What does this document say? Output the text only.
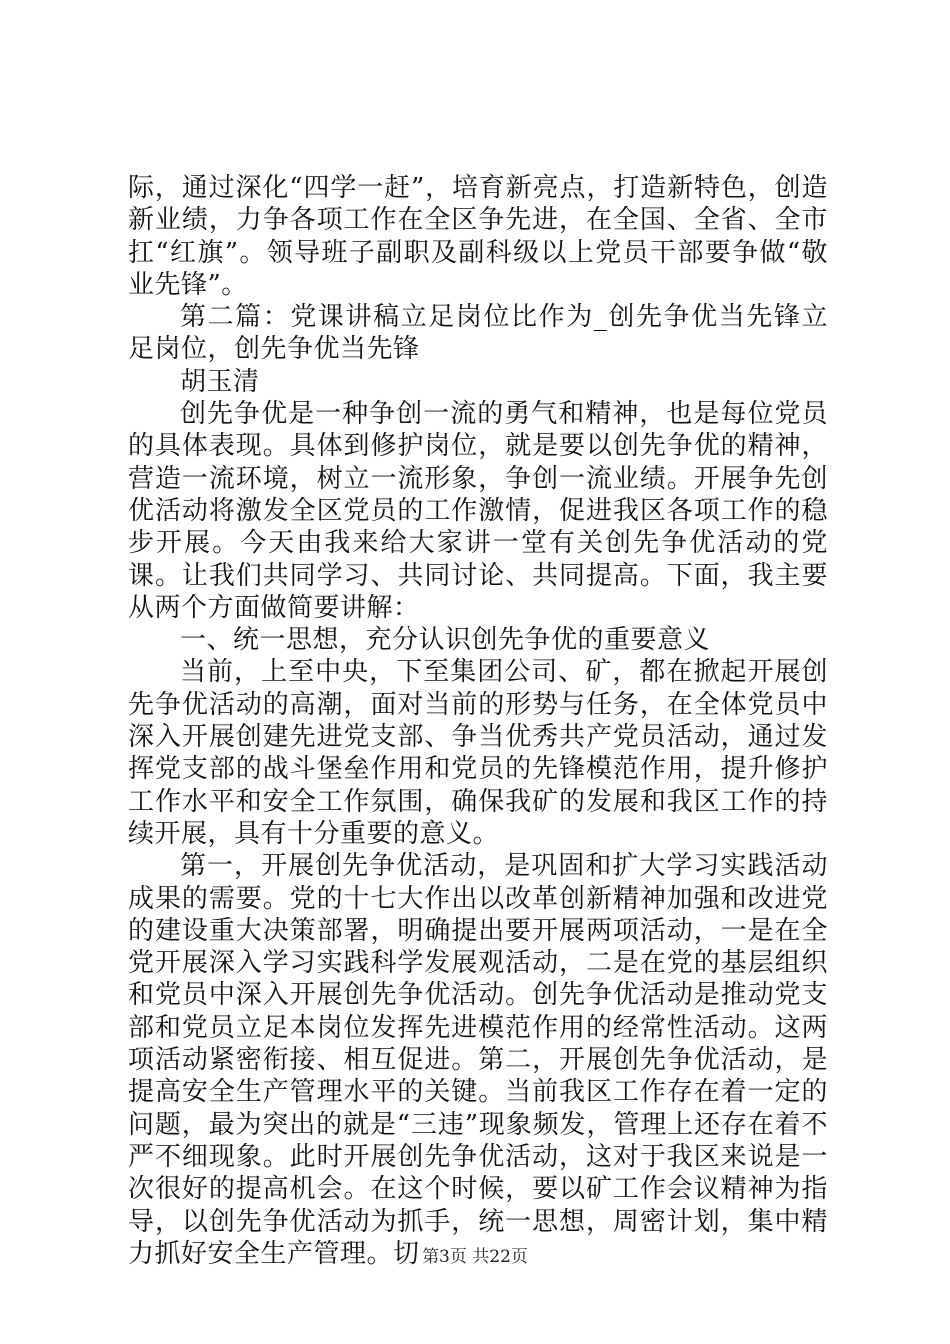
际，通过深化“四学一赶”，培育新亮点，打造新特色，创造新业绩，力争各项工作在全区争先进，在全国、全省、全市扛“红旗”。领导班子副职及副科级以上党员干部要争做“敬业先锋”。

第二篇：党课讲稿立足岗位比作为_创先争优当先锋立足岗位，创先争优当先锋

胡玉清

创先争优是一种争创一流的勇气和精神，也是每位党员的具体表现。具体到修护岗位，就是要以创先争优的精神，营造一流环境，树立一流形象，争创一流业绩。开展争先创优活动将激发全区党员的工作激情，促进我区各项工作的稳步开展。今天由我来给大家讲一堂有关创先争优活动的党课。让我们共同学习、共同讨论、共同提高。下面，我主要从两个方面做简要讲解：

一、统一思想，充分认识创先争优的重要意义

当前，上至中央，下至集团公司、矿，都在掀起开展创先争优活动的高潮，面对当前的形势与任务，在全体党员中深入开展创建先进党支部、争当优秀共产党员活动，通过发挥党支部的战斗堡垒作用和党员的先锋模范作用，提升修护工作水平和安全工作氛围，确保我矿的发展和我区工作的持续开展，具有十分重要的意义。

第一，开展创先争优活动，是巩固和扩大学习实践活动成果的需要。党的十七大作出以改革创新精神加强和改进党的建设重大决策部署，明确提出要开展两项活动，一是在全党开展深入学习实践科学发展观活动，二是在党的基层组织和党员中深入开展创先争优活动。创先争优活动是推动党支部和党员立足本岗位发挥先进模范作用的经常性活动。这两项活动紧密衔接、相互促进。第二，开展创先争优活动，是提高安全生产管理水平的关键。当前我区工作存在着一定的问题，最为突出的就是“三违”现象频发，管理上还存在着不严不细现象。此时开展创先争优活动，这对于我区来说是一次很好的提高机会。在这个时候，要以矿工作会议精神为指导，以创先争优活动为抓手，统一思想，周密计划，集中精力抓好安全生产管理。切 第3页 共22页
